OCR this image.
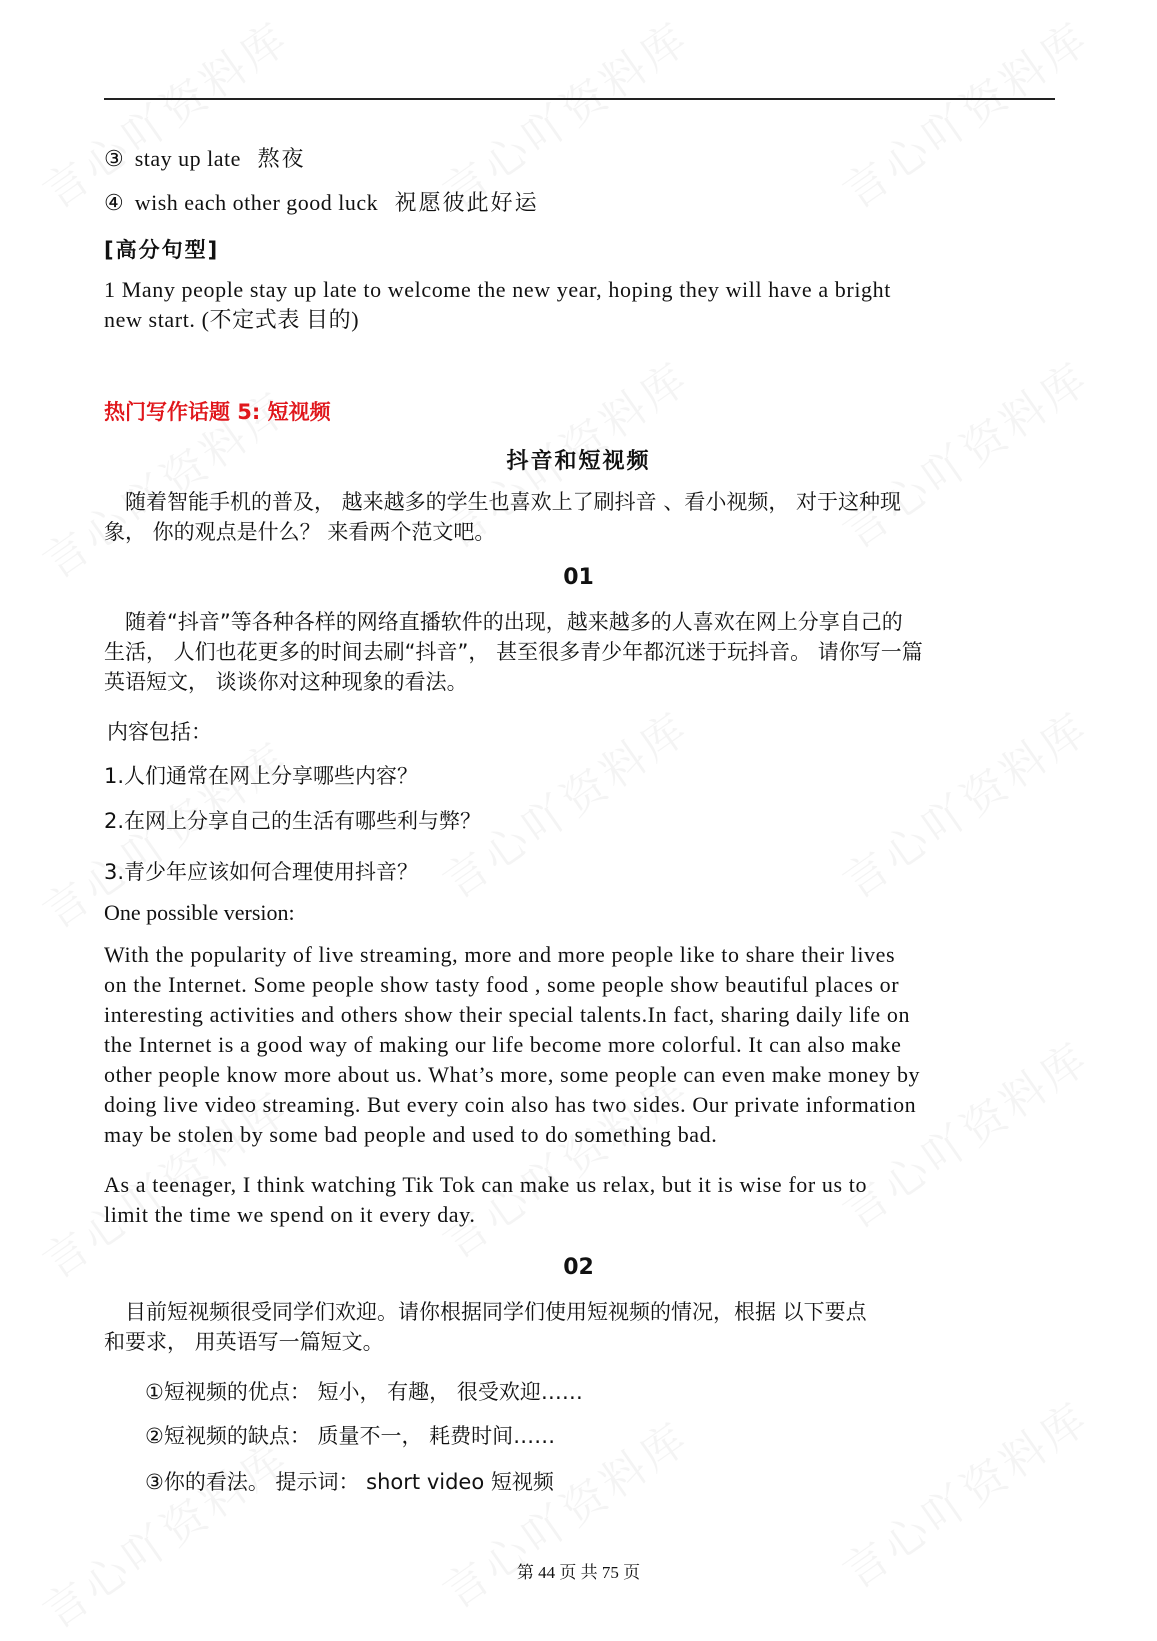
③ stay up late 熬夜
④ wish each other good luck 祝愿彼此好运
[高分句型]
1 Many people stay up late to welcome the new year, hoping they will have a bright
new start. (不定式表 目的)
热门写作话题 5: 短视频
抖音和短视频
　随着智能手机的普及， 越来越多的学生也喜欢上了刷抖音 、看小视频， 对于这种现
象， 你的观点是什么？ 来看两个范文吧。
01
　随着“抖音”等各种各样的网络直播软件的出现，越来越多的人喜欢在网上分享自己的
生活， 人们也花更多的时间去刷“抖音”， 甚至很多青少年都沉迷于玩抖音。 请你写一篇
英语短文， 谈谈你对这种现象的看法。
内容包括：
1.人们通常在网上分享哪些内容？
2.在网上分享自己的生活有哪些利与弊？
3.青少年应该如何合理使用抖音？
One possible version:
With the popularity of live streaming, more and more people like to share their lives
on the Internet. Some people show tasty food , some people show beautiful places or
interesting activities and others show their special talents.In fact, sharing daily life on
the Internet is a good way of making our life become more colorful. It can also make
other people know more about us. What’s more, some people can even make money by
doing live video streaming. But every coin also has two sides. Our private information
may be stolen by some bad people and used to do something bad.
As a teenager, I think watching Tik Tok can make us relax, but it is wise for us to
limit the time we spend on it every day.
02
　目前短视频很受同学们欢迎。请你根据同学们使用短视频的情况，根据 以下要点
和要求， 用英语写一篇短文。
①短视频的优点： 短小， 有趣， 很受欢迎……
②短视频的缺点： 质量不一， 耗费时间……
③你的看法。 提示词： short video 短视频
第 44 页 共 75 页
